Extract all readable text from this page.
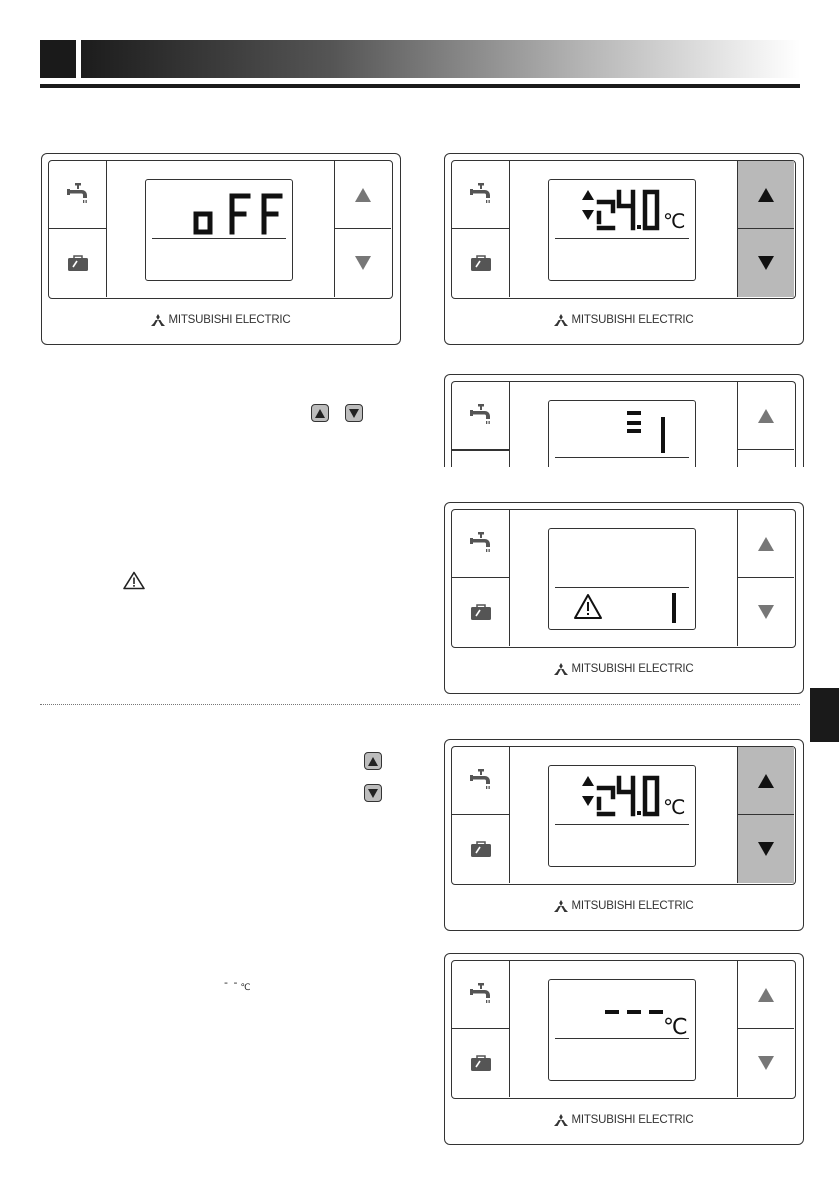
- - $_℃$
MITSUBISHI ELECTRIC
℃
MITSUBISHI ELECTRIC
MITSUBISHI ELECTRIC
℃
MITSUBISHI ELECTRIC
℃
MITSUBISHI ELECTRIC
